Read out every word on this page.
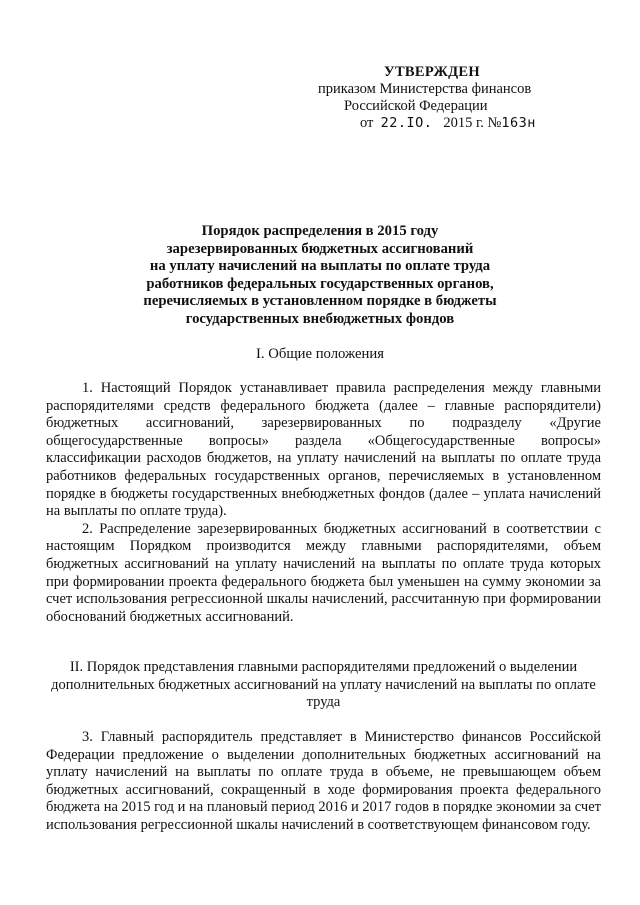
УТВЕРЖДЕН
приказом Министерства финансов
Российской Федерации
от 22.IO. 2015 г. №163н
Порядок распределения в 2015 году
зарезервированных бюджетных ассигнований
на уплату начислений на выплаты по оплате труда
работников федеральных государственных органов,
перечисляемых в установленном порядке в бюджеты
государственных внебюджетных фондов
I. Общие положения

1. Настоящий Порядок устанавливает правила распределения между главными распорядителями средств федерального бюджета (далее – главные распорядители) бюджетных ассигнований, зарезервированных по подразделу «Другие общегосударственные вопросы» раздела «Общегосударственные вопросы» классификации расходов бюджетов, на уплату начислений на выплаты по оплате труда работников федеральных государственных органов, перечисляемых в установленном порядке в бюджеты государственных внебюджетных фондов (далее – уплата начислений на выплаты по оплате труда).

2. Распределение зарезервированных бюджетных ассигнований в соответствии с настоящим Порядком производится между главными распорядителями, объем бюджетных ассигнований на уплату начислений на выплаты по оплате труда которых при формировании проекта федерального бюджета был уменьшен на сумму экономии за счет использования регрессионной шкалы начислений, рассчитанную при формировании обоснований бюджетных ассигнований.

II. Порядок представления главными распорядителями предложений о выделении дополнительных бюджетных ассигнований на уплату начислений на выплаты по оплате труда

3. Главный распорядитель представляет в Министерство финансов Российской Федерации предложение о выделении дополнительных бюджетных ассигнований на уплату начислений на выплаты по оплате труда в объеме, не превышающем объем бюджетных ассигнований, сокращенный в ходе формирования проекта федерального бюджета на 2015 год и на плановый период 2016 и 2017 годов в порядке экономии за счет использования регрессионной шкалы начислений в соответствующем финансовом году.
